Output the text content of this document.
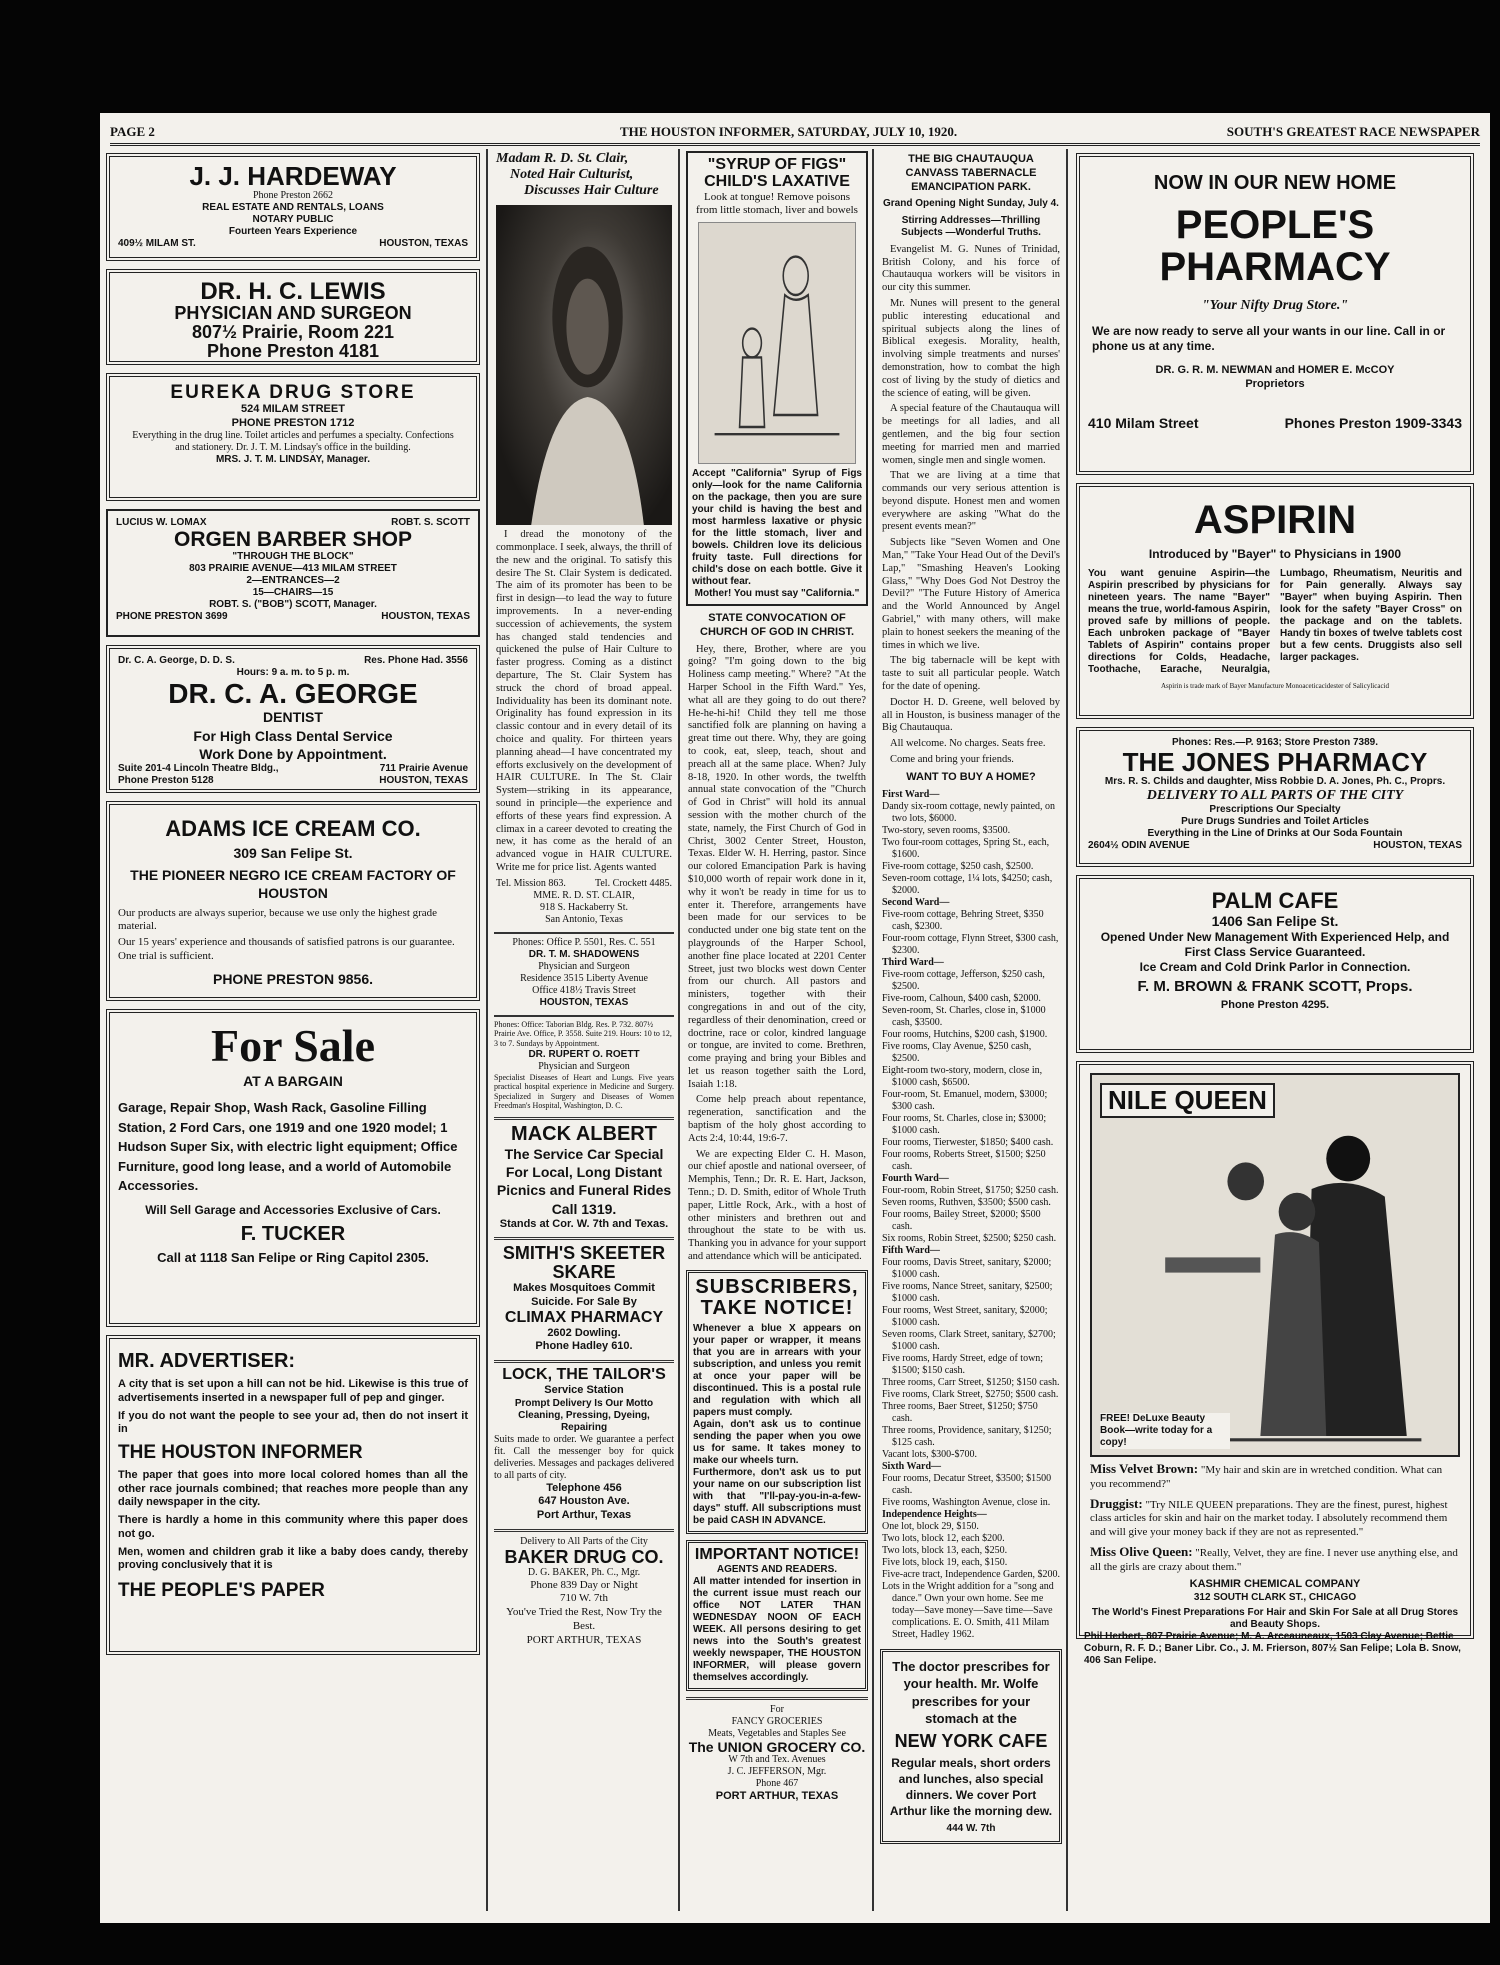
PAGE 2	THE HOUSTON INFORMER, SATURDAY, JULY 10, 1920.	SOUTH'S GREATEST RACE NEWSPAPER
J. J. HARDEWAY
Phone Preston 2662
REAL ESTATE AND RENTALS, LOANS
NOTARY PUBLIC
Fourteen Years Experience
409½ MILAM ST.	HOUSTON, TEXAS
DR. H. C. LEWIS
PHYSICIAN AND SURGEON
807½ Prairie, Room 221
Phone Preston 4181
EUREKA DRUG STORE
524 MILAM STREET
PHONE PRESTON 1712
Everything in the drug line. Toilet articles and perfumes a specialty. Confections and stationery. Dr. J. T. M. Lindsay's office in the building.
MRS. J. T. M. LINDSAY, Manager.
LUCIUS W. LOMAX	ROBT. S. SCOTT
ORGEN BARBER SHOP
"THROUGH THE BLOCK"
803 PRAIRIE AVENUE—413 MILAM STREET
2—ENTRANCES—2
15—CHAIRS—15
ROBT. S. ("BOB") SCOTT, Manager.
PHONE PRESTON 3699	HOUSTON, TEXAS
Dr. C. A. George, D. D. S.	Res. Phone Had. 3556
Hours: 9 a. m. to 5 p. m.
DR. C. A. GEORGE
DENTIST
For High Class Dental Service
Work Done by Appointment.
Suite 201-4 Lincoln Theatre Bldg.,	711 Prairie Avenue
Phone Preston 5128	HOUSTON, TEXAS
ADAMS ICE CREAM CO.
309 San Felipe St.
THE PIONEER NEGRO ICE CREAM FACTORY OF HOUSTON
Our products are always superior, because we use only the highest grade material.
Our 15 years' experience and thousands of satisfied patrons is our guarantee. One trial is sufficient.
PHONE PRESTON 9856.
For Sale
AT A BARGAIN
Garage, Repair Shop, Wash Rack, Gasoline Filling Station, 2 Ford Cars, one 1919 and one 1920 model; 1 Hudson Super Six, with electric light equipment; Office Furniture, good long lease, and a world of Automobile Accessories.
Will Sell Garage and Accessories Exclusive of Cars.
F. TUCKER
Call at 1118 San Felipe or Ring Capitol 2305.
MR. ADVERTISER:
A city that is set upon a hill can not be hid. Likewise is this true of advertisements inserted in a newspaper full of pep and ginger.
If you do not want the people to see your ad, then do not insert it in
THE HOUSTON INFORMER
The paper that goes into more local colored homes than all the other race journals combined; that reaches more people than any daily newspaper in the city.
There is hardly a home in this community where this paper does not go.
Men, women and children grab it like a baby does candy, thereby proving conclusively that it is
THE PEOPLE'S PAPER
Madam R. D. St. Clair,
Noted Hair Culturist,
Discusses Hair Culture

I dread the monotony of the commonplace. I seek, always, the thrill of the new and the original. To satisfy this desire The St. Clair System is dedicated. The aim of its promoter has been to be first in design—to lead the way to future improvements. In a never-ending succession of achievements, the system has changed stald tendencies and quickened the pulse of Hair Culture to faster progress. Coming as a distinct departure, The St. Clair System has struck the chord of broad appeal. Individuality has been its dominant note. Originality has found expression in its classic contour and in every detail of its choice and quality. For thirteen years planning ahead—I have concentrated my efforts exclusively on the development of HAIR CULTURE. In The St. Clair System—striking in its appearance, sound in principle—the experience and efforts of these years find expression. A climax in a career devoted to creating the new, it has come as the herald of an advanced vogue in HAIR CULTURE. Write me for price list. Agents wanted

Tel. Mission 863.	Tel. Crockett 4485.
MME. R. D. ST. CLAIR,
918 S. Hackaberry St.
San Antonio, Texas
Phones: Office P. 5501, Res. C. 551
DR. T. M. SHADOWENS
Physician and Surgeon
Residence 3515 Liberty Avenue
Office 418½ Travis Street
HOUSTON, TEXAS
Phones: Office: Taborian Bldg. Res. P. 732. 807½ Prairie Ave. Office, P. 3558. Suite 219. Hours: 10 to 12, 3 to 7. Sundays by Appointment.
DR. RUPERT O. ROETT
Physician and Surgeon
Specialist Diseases of Heart and Lungs. Five years practical hospital experience in Medicine and Surgery. Specialized in Surgery and Diseases of Women Freedman's Hospital, Washington, D. C.
MACK ALBERT
The Service Car Special
For Local, Long Distant
Picnics and Funeral Rides
Call 1319.
Stands at Cor. W. 7th and Texas.
SMITH'S SKEETER
SKARE
Makes Mosquitoes Commit Suicide. For Sale By
CLIMAX PHARMACY
2602 Dowling.
Phone Hadley 610.
LOCK, THE TAILOR'S
Service Station
Prompt Delivery Is Our Motto
Cleaning, Pressing, Dyeing, Repairing
Suits made to order. We guarantee a perfect fit. Call the messenger boy for quick deliveries. Messages and packages delivered to all parts of city.
Telephone 456
647 Houston Ave.
Port Arthur, Texas
Delivery to All Parts of the City
BAKER DRUG CO.
D. G. BAKER, Ph. C., Mgr.
Phone 839 Day or Night
710 W. 7th
You've Tried the Rest, Now Try the Best.
PORT ARTHUR, TEXAS
"SYRUP OF FIGS"
CHILD'S LAXATIVE
Look at tongue! Remove poisons from little stomach, liver and bowels
Accept "California" Syrup of Figs only—look for the name California on the package, then you are sure your child is having the best and most harmless laxative or physic for the little stomach, liver and bowels. Children love its delicious fruity taste. Full directions for child's dose on each bottle. Give it without fear.
Mother! You must say "California."
STATE CONVOCATION OF CHURCH OF GOD IN CHRIST.

Hey, there, Brother, where are you going? "I'm going down to the big Holiness camp meeting." Where? "At the Harper School in the Fifth Ward." Yes, what all are they going to do out there? He-he-hi-hi! Child they tell me those sanctified folk are planning on having a great time out there. Why, they are going to cook, eat, sleep, teach, shout and preach all at the same place. When? July 8-18, 1920. In other words, the twelfth annual state convocation of the "Church of God in Christ" will hold its annual session with the mother church of the state, namely, the First Church of God in Christ, 3002 Center Street, Houston, Texas. Elder W. H. Herring, pastor. Since our colored Emancipation Park is having $10,000 worth of repair work done in it, why it won't be ready in time for us to enter it. Therefore, arrangements have been made for our services to be conducted under one big state tent on the playgrounds of the Harper School, another fine place located at 2201 Center Street, just two blocks west down Center from our church. All pastors and ministers, together with their congregations in and out of the city, regardless of their denomination, creed or doctrine, race or color, kindred language or tongue, are invited to come. Brethren, come praying and bring your Bibles and let us reason together saith the Lord, Isaiah 1:18.

Come help preach about repentance, regeneration, sanctification and the baptism of the holy ghost according to Acts 2:4, 10:44, 19:6-7.

We are expecting Elder C. H. Mason, our chief apostle and national overseer, of Memphis, Tenn.; Dr. R. E. Hart, Jackson, Tenn.; D. D. Smith, editor of Whole Truth paper, Little Rock, Ark., with a host of other ministers and brethren out and throughout the state to be with us. Thanking you in advance for your support and attendance which will be anticipated.

SUBSCRIBERS,
TAKE NOTICE!
Whenever a blue X appears on your paper or wrapper, it means that you are in arrears with your subscription, and unless you remit at once your paper will be discontinued. This is a postal rule and regulation with which all papers must comply.
Again, don't ask us to continue sending the paper when you owe us for same. It takes money to make our wheels turn.
Furthermore, don't ask us to put your name on our subscription list with that "I'll-pay-you-in-a-few-days" stuff. All subscriptions must be paid CASH IN ADVANCE.
IMPORTANT NOTICE!
AGENTS AND READERS.
All matter intended for insertion in the current issue must reach our office NOT LATER THAN WEDNESDAY NOON OF EACH WEEK. All persons desiring to get news into the South's greatest weekly newspaper, THE HOUSTON INFORMER, will please govern themselves accordingly.
For
FANCY GROCERIES
Meats, Vegetables and Staples See
The UNION GROCERY CO.
W 7th and Tex. Avenues
J. C. JEFFERSON, Mgr.
Phone 467
PORT ARTHUR, TEXAS
THE BIG CHAUTAUQUA CANVASS TABERNACLE EMANCIPATION PARK.
Grand Opening Night Sunday, July 4.
Stirring Addresses—Thrilling Subjects —Wonderful Truths.

Evangelist M. G. Nunes of Trinidad, British Colony, and his force of Chautauqua workers will be visitors in our city this summer.

Mr. Nunes will present to the general public interesting educational and spiritual subjects along the lines of Biblical exegesis. Morality, health, involving simple treatments and nurses' demonstration, how to combat the high cost of living by the study of dietics and the science of eating, will be given.

A special feature of the Chautauqua will be meetings for all ladies, and all gentlemen, and the big four section meeting for married men and married women, single men and single women.

That we are living at a time that commands our very serious attention is beyond dispute. Honest men and women everywhere are asking "What do the present events mean?"

Subjects like "Seven Women and One Man," "Take Your Head Out of the Devil's Lap," "Smashing Heaven's Looking Glass," "Why Does God Not Destroy the Devil?" "The Future History of America and the World Announced by Angel Gabriel," with many others, will make plain to honest seekers the meaning of the times in which we live.

The big tabernacle will be kept with taste to suit all particular people. Watch for the date of opening.

Doctor H. D. Greene, well beloved by all in Houston, is business manager of the Big Chautauqua.

All welcome. No charges. Seats free.

Come and bring your friends.

WANT TO BUY A HOME?
First Ward—
Dandy six-room cottage, newly painted, on two lots, $6000.
Two-story, seven rooms, $3500.
Two four-room cottages, Spring St., each, $1600.
Five-room cottage, $250 cash, $2500.
Seven-room cottage, 1¼ lots, $4250; cash, $2000.
Second Ward—
Five-room cottage, Behring Street, $350 cash, $2300.
Four-room cottage, Flynn Street, $300 cash, $2300.
Third Ward—
Five-room cottage, Jefferson, $250 cash, $2500.
Five-room, Calhoun, $400 cash, $2000.
Seven-room, St. Charles, close in, $1000 cash, $3500.
Four rooms, Hutchins, $200 cash, $1900.
Five rooms, Clay Avenue, $250 cash, $2500.
Eight-room two-story, modern, close in, $1000 cash, $6500.
Four-room, St. Emanuel, modern, $3000; $300 cash.
Four rooms, St. Charles, close in; $3000; $1000 cash.
Four rooms, Tierwester, $1850; $400 cash.
Four rooms, Roberts Street, $1500; $250 cash.
Fourth Ward—
Four-room, Robin Street, $1750; $250 cash.
Seven rooms, Ruthven, $3500; $500 cash.
Four rooms, Bailey Street, $2000; $500 cash.
Six rooms, Robin Street, $2500; $250 cash.
Fifth Ward—
Four rooms, Davis Street, sanitary, $2000; $1000 cash.
Five rooms, Nance Street, sanitary, $2500; $1000 cash.
Four rooms, West Street, sanitary, $2000; $1000 cash.
Seven rooms, Clark Street, sanitary, $2700; $1000 cash.
Five rooms, Hardy Street, edge of town; $1500; $150 cash.
Three rooms, Carr Street, $1250; $150 cash.
Five rooms, Clark Street, $2750; $500 cash.
Three rooms, Baer Street, $1250; $750 cash.
Three rooms, Providence, sanitary, $1250; $125 cash.
Vacant lots, $300-$700.
Sixth Ward—
Four rooms, Decatur Street, $3500; $1500 cash.
Five rooms, Washington Avenue, close in.
Independence Heights—
One lot, block 29, $150.
Two lots, block 12, each $200.
Two lots, block 13, each, $250.
Five lots, block 19, each, $150.
Five-acre tract, Independence Garden, $200.
Lots in the Wright addition for a "song and dance." Own your own home. See me today—Save money—Save time—Save complications. E. O. Smith, 411 Milam Street, Hadley 1962.
The doctor prescribes for your health. Mr. Wolfe prescribes for your stomach at the
NEW YORK CAFE
Regular meals, short orders and lunches, also special dinners. We cover Port Arthur like the morning dew.
444 W. 7th
NOW IN OUR NEW HOME
PEOPLE'S PHARMACY
"Your Nifty Drug Store."
We are now ready to serve all your wants in our line. Call in or phone us at any time.
DR. G. R. M. NEWMAN and HOMER E. McCOY
Proprietors
410 Milam Street	Phones Preston 1909-3343
ASPIRIN
Introduced by "Bayer" to Physicians in 1900
You want genuine Aspirin—the Aspirin prescribed by physicians for nineteen years. The name "Bayer" means the true, world-famous Aspirin, proved safe by millions of people. Each unbroken package of "Bayer Tablets of Aspirin" contains proper directions for Colds, Headache, Toothache, Earache, Neuralgia, Lumbago, Rheumatism, Neuritis and for Pain generally. Always say "Bayer" when buying Aspirin. Then look for the safety "Bayer Cross" on the package and on the tablets. Handy tin boxes of twelve tablets cost but a few cents. Druggists also sell larger packages.
Aspirin is trade mark of Bayer Manufacture Monoaceticacidester of Salicylicacid
Phones: Res.—P. 9163; Store Preston 7389.
THE JONES PHARMACY
Mrs. R. S. Childs and daughter, Miss Robbie D. A. Jones, Ph. C., Proprs.
DELIVERY TO ALL PARTS OF THE CITY
Prescriptions Our Specialty
Pure Drugs Sundries and Toilet Articles
Everything in the Line of Drinks at Our Soda Fountain
2604½ ODIN AVENUE	HOUSTON, TEXAS
PALM CAFE
1406 San Felipe St.
Opened Under New Management With Experienced Help, and First Class Service Guaranteed.
Ice Cream and Cold Drink Parlor in Connection.
F. M. BROWN & FRANK SCOTT, Props.
Phone Preston 4295.
NILE QUEEN
FREE! DeLuxe Beauty Book—write today for a copy!
Miss Velvet Brown: "My hair and skin are in wretched condition. What can you recommend?"
Druggist: "Try NILE QUEEN preparations. They are the finest, purest, highest class articles for skin and hair on the market today. I absolutely recommend them and will give your money back if they are not as represented."
Miss Olive Queen: "Really, Velvet, they are fine. I never use anything else, and all the girls are crazy about them."
KASHMIR CHEMICAL COMPANY
312 SOUTH CLARK ST., CHICAGO
The World's Finest Preparations For Hair and Skin For Sale at all Drug Stores and Beauty Shops.
Phil Herbert, 807 Prairie Avenue; M. A. Arceauneaux, 1503 Clay Avenue; Bettie Coburn, R. F. D.; Baner Libr. Co., J. M. Frierson, 807½ San Felipe; Lola B. Snow, 406 San Felipe.
